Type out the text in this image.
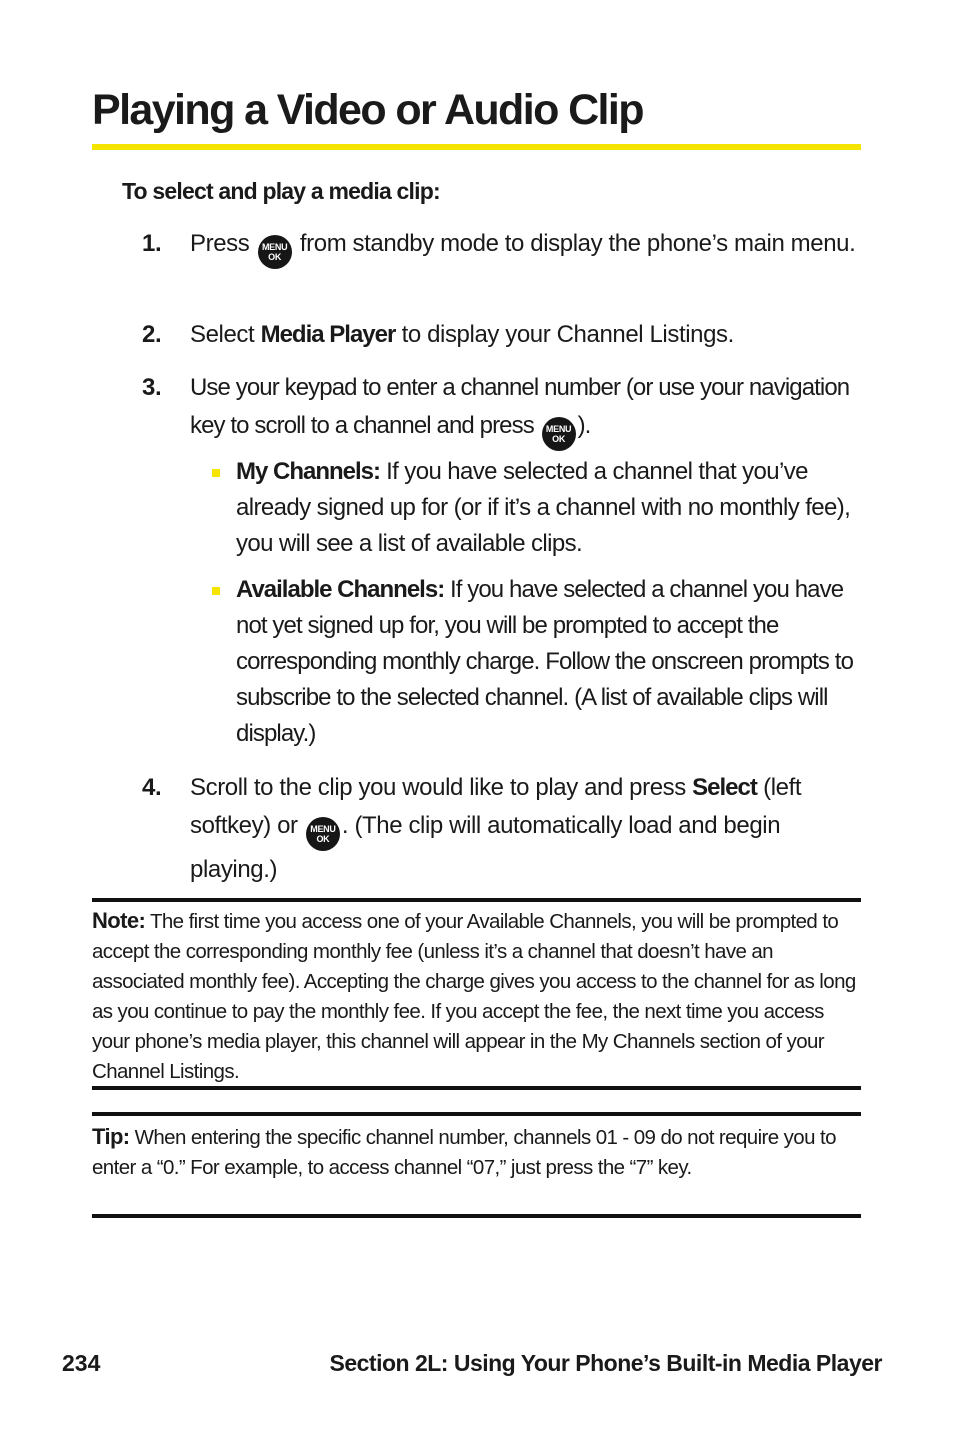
Playing a Video or Audio Clip
To select and play a media clip:
1. Press MENU
OK from standby mode to display the phone’s main menu.
2. Select Media Player to display your Channel Listings.
3. Use your keypad to enter a channel number (or use your navigation key to scroll to a channel and press MENU
OK ).
My Channels: If you have selected a channel that you’ve already signed up for (or if it’s a channel with no monthly fee), you will see a list of available clips.
Available Channels: If you have selected a channel you have not yet signed up for, you will be prompted to accept the corresponding monthly charge. Follow the onscreen prompts to subscribe to the selected channel. (A list of available clips will display.)
4. Scroll to the clip you would like to play and press Select (left softkey) or MENU
OK . (The clip will automatically load and begin playing.)
Note: The first time you access one of your Available Channels, you will be prompted to accept the corresponding monthly fee (unless it’s a channel that doesn’t have an associated monthly fee). Accepting the charge gives you access to the channel for as long as you continue to pay the monthly fee. If you accept the fee, the next time you access your phone’s media player, this channel will appear in the My Channels section of your Channel Listings.
Tip: When entering the specific channel number, channels 01 - 09 do not require you to enter a “0.” For example, to access channel “07,” just press the “7” key.
234	Section 2L: Using Your Phone’s Built-in Media Player
